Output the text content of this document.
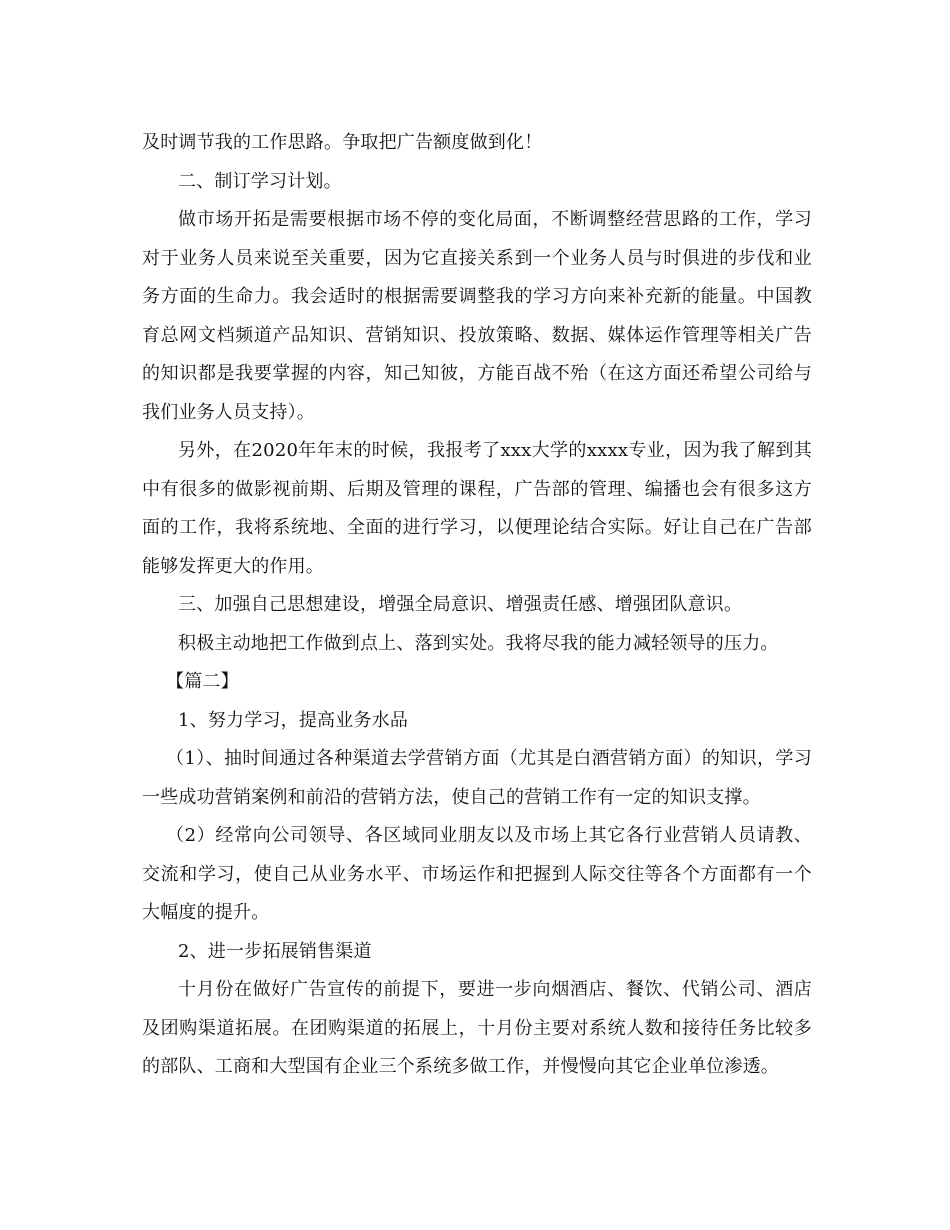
及时调节我的工作思路。争取把广告额度做到化！

二、制订学习计划。

做市场开拓是需要根据市场不停的变化局面，不断调整经营思路的工作，学习对于业务人员来说至关重要，因为它直接关系到一个业务人员与时俱进的步伐和业务方面的生命力。我会适时的根据需要调整我的学习方向来补充新的能量。中国教育总网文档频道产品知识、营销知识、投放策略、数据、媒体运作管理等相关广告的知识都是我要掌握的内容，知己知彼，方能百战不殆（在这方面还希望公司给与我们业务人员支持）。

另外，在2020年年末的时候，我报考了xxx大学的xxxx专业，因为我了解到其中有很多的做影视前期、后期及管理的课程，广告部的管理、编播也会有很多这方面的工作，我将系统地、全面的进行学习，以便理论结合实际。好让自己在广告部能够发挥更大的作用。

三、加强自己思想建设，增强全局意识、增强责任感、增强团队意识。

积极主动地把工作做到点上、落到实处。我将尽我的能力减轻领导的压力。

【篇二】

1、努力学习，提高业务水品

（1）、抽时间通过各种渠道去学营销方面（尤其是白酒营销方面）的知识，学习一些成功营销案例和前沿的营销方法，使自己的营销工作有一定的知识支撑。

（2）经常向公司领导、各区域同业朋友以及市场上其它各行业营销人员请教、交流和学习，使自己从业务水平、市场运作和把握到人际交往等各个方面都有一个大幅度的提升。

2、进一步拓展销售渠道

十月份在做好广告宣传的前提下，要进一步向烟酒店、餐饮、代销公司、酒店及团购渠道拓展。在团购渠道的拓展上，十月份主要对系统人数和接待任务比较多的部队、工商和大型国有企业三个系统多做工作，并慢慢向其它企业单位渗透。
